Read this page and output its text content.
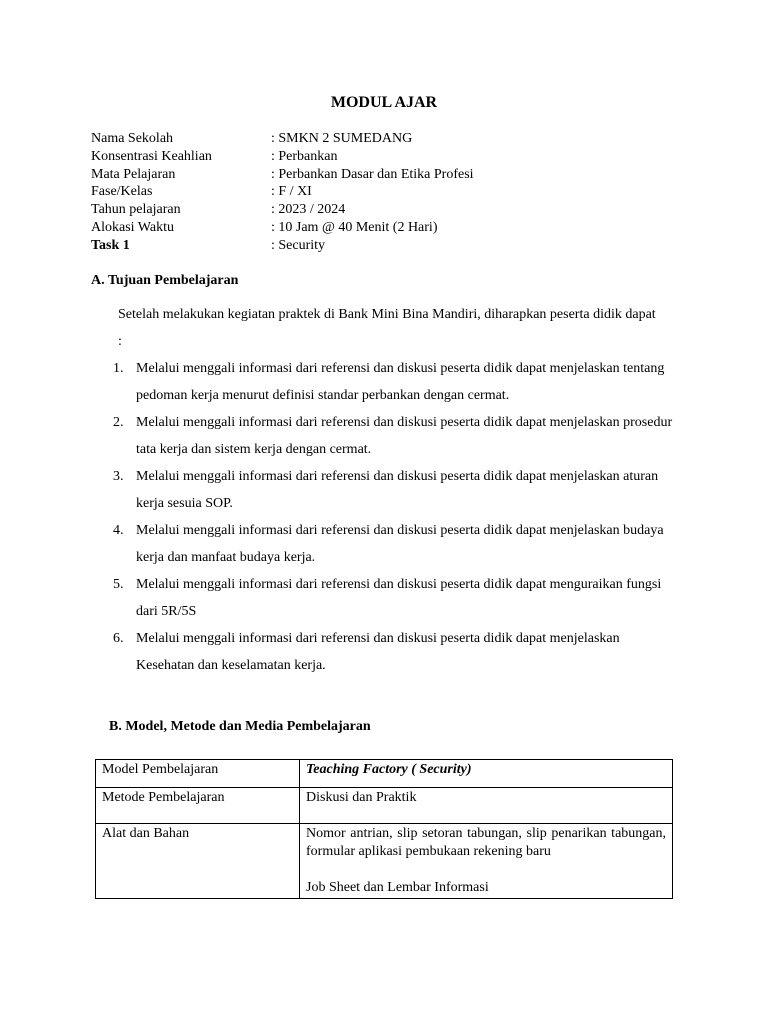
MODUL AJAR
Nama Sekolah	: SMKN 2 SUMEDANG
Konsentrasi Keahlian	: Perbankan
Mata Pelajaran	: Perbankan Dasar dan Etika Profesi
Fase/Kelas	: F / XI
Tahun pelajaran	: 2023 / 2024
Alokasi Waktu	: 10 Jam @ 40 Menit (2 Hari)
Task 1	: Security
A. Tujuan Pembelajaran
Setelah melakukan kegiatan praktek di Bank Mini Bina Mandiri, diharapkan peserta didik dapat :
1. Melalui menggali informasi dari referensi dan diskusi peserta didik dapat menjelaskan tentang pedoman kerja menurut definisi standar perbankan dengan cermat.
2. Melalui menggali informasi dari referensi dan diskusi peserta didik dapat menjelaskan prosedur tata kerja dan sistem kerja dengan cermat.
3. Melalui menggali informasi dari referensi dan diskusi peserta didik dapat menjelaskan aturan kerja sesuia SOP.
4. Melalui menggali informasi dari referensi dan diskusi peserta didik dapat menjelaskan budaya kerja dan manfaat budaya kerja.
5. Melalui menggali informasi dari referensi dan diskusi peserta didik dapat menguraikan fungsi dari 5R/5S
6. Melalui menggali informasi dari referensi dan diskusi peserta didik dapat menjelaskan Kesehatan dan keselamatan kerja.
B. Model, Metode dan Media Pembelajaran
Model Pembelajaran	Teaching Factory ( Security)
Metode Pembelajaran	Diskusi dan Praktik
Alat dan Bahan	Nomor antrian, slip setoran tabungan, slip penarikan tabungan, formular aplikasi pembukaan rekening baru
Job Sheet dan Lembar Informasi
